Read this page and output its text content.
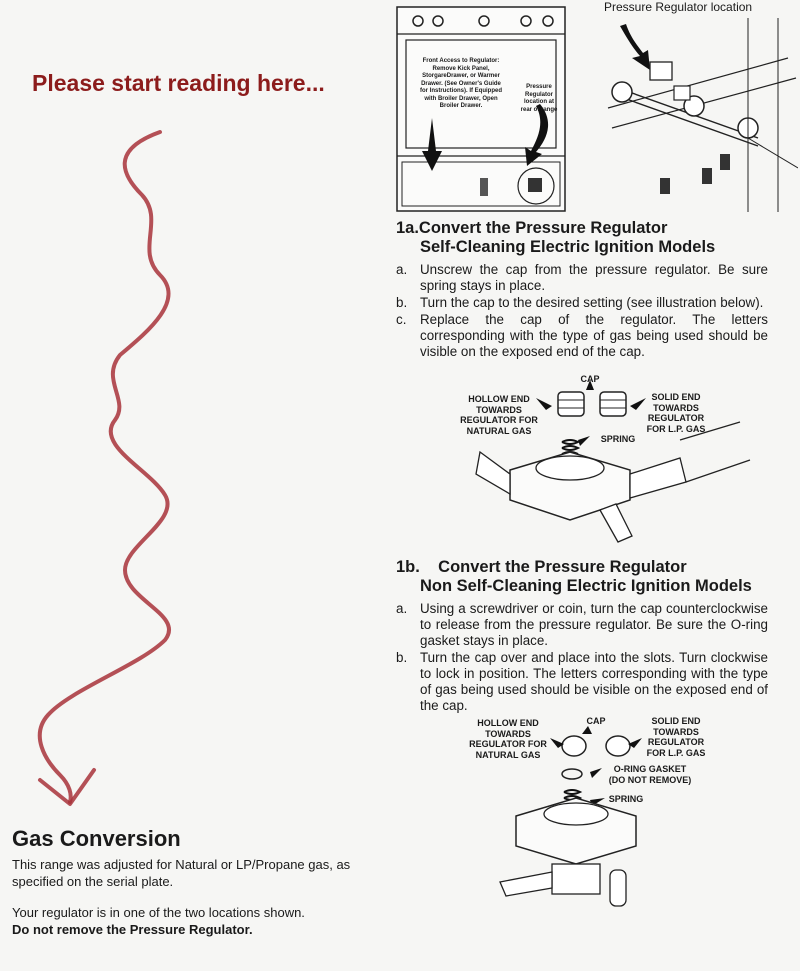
Please start reading here...
Gas Conversion

This range was adjusted for Natural or LP/Propane gas, as specified on the serial plate.

Your regulator is in one of the two locations shown.

Do not remove the Pressure Regulator.

Front Access to Regulator: Remove Kick Panel, StorgareDrawer, or Warmer Drawer. (See Owner's Guide for Instructions). If Equipped with Broiler Drawer, Open Broiler Drawer.
Pressure Regulator location at rear of range
Pressure Regulator location
1a.Convert the Pressure Regulator
Self-Cleaning Electric Ignition Models
a. Unscrew the cap from the pressure regulator. Be sure spring stays in place.
b. Turn the cap to the desired setting (see illustration below).
c.	Replace the cap of the regulator. The letters corresponding with the type of gas being used should be visible on the exposed end of the cap.
CAP
HOLLOW END TOWARDS REGULATOR FOR NATURAL GAS
SOLID END TOWARDS REGULATOR FOR L.P. GAS
SPRING
1b.    Convert the Pressure Regulator
Non Self-Cleaning Electric Ignition Models
a. Using a screwdriver or coin, turn the cap counterclockwise to release from the pressure regulator. Be sure the O-ring gasket stays in place.
b. Turn the cap over and place into the slots. Turn clockwise to lock in position. The letters corresponding with the type of gas being used should be visible on the exposed end of the cap.
CAP
HOLLOW END TOWARDS REGULATOR FOR NATURAL GAS
SOLID END TOWARDS REGULATOR FOR L.P. GAS
O-RING GASKET
(DO NOT REMOVE)
SPRING
